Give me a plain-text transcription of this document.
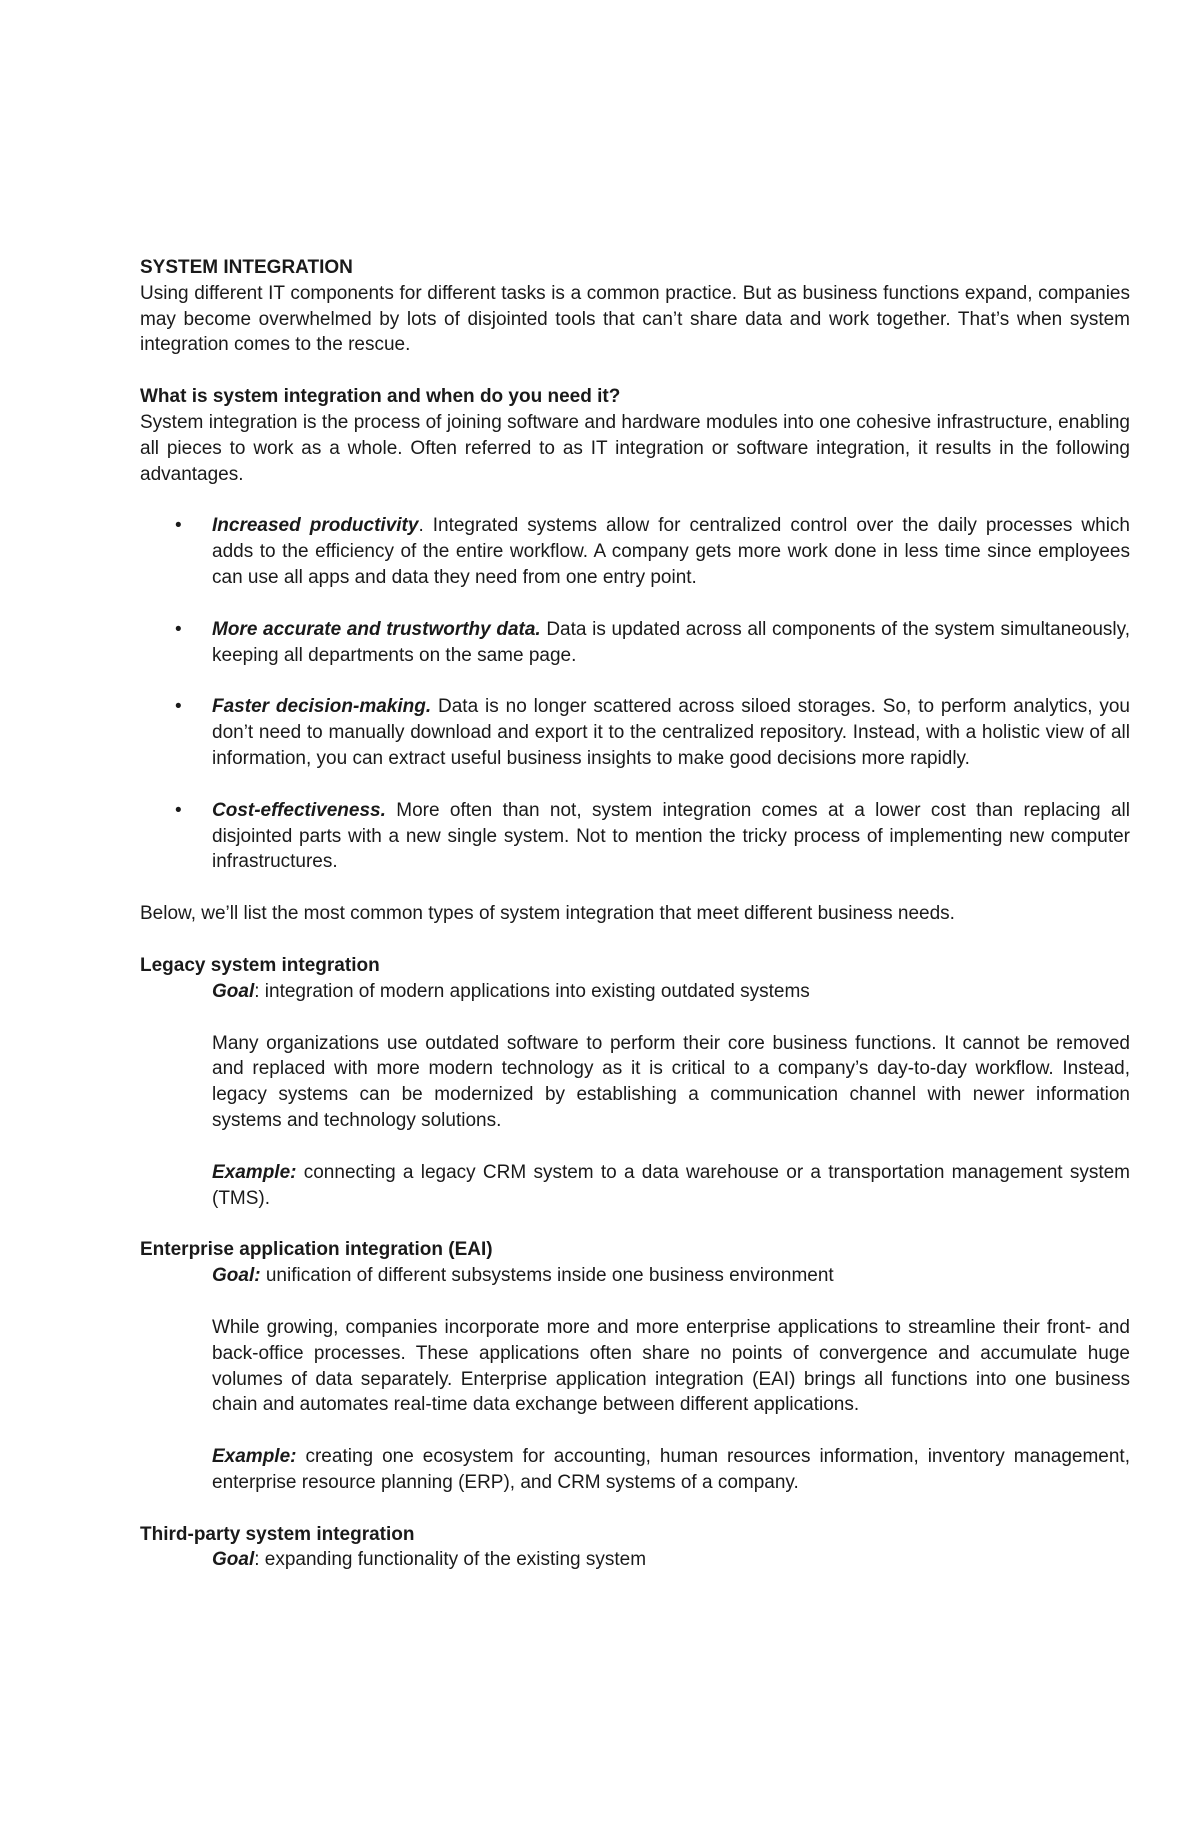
SYSTEM INTEGRATION

Using different IT components for different tasks is a common practice. But as business functions expand, companies may become overwhelmed by lots of disjointed tools that can’t share data and work together. That’s when system integration comes to the rescue.

What is system integration and when do you need it?

System integration is the process of joining software and hardware modules into one cohesive infrastructure, enabling all pieces to work as a whole. Often referred to as IT integration or software integration, it results in the following advantages.

• Increased productivity. Integrated systems allow for centralized control over the daily processes which adds to the efficiency of the entire workflow. A company gets more work done in less time since employees can use all apps and data they need from one entry point.
• More accurate and trustworthy data. Data is updated across all components of the system simultaneously, keeping all departments on the same page.
• Faster decision-making. Data is no longer scattered across siloed storages. So, to perform analytics, you don’t need to manually download and export it to the centralized repository. Instead, with a holistic view of all information, you can extract useful business insights to make good decisions more rapidly.
• Cost-effectiveness. More often than not, system integration comes at a lower cost than replacing all disjointed parts with a new single system. Not to mention the tricky process of implementing new computer infrastructures.

Below, we’ll list the most common types of system integration that meet different business needs.

Legacy system integration

Goal: integration of modern applications into existing outdated systems

Many organizations use outdated software to perform their core business functions. It cannot be removed and replaced with more modern technology as it is critical to a company’s day-to-day workflow. Instead, legacy systems can be modernized by establishing a communication channel with newer information systems and technology solutions.

Example: connecting a legacy CRM system to a data warehouse or a transportation management system (TMS).

Enterprise application integration (EAI)

Goal: unification of different subsystems inside one business environment

While growing, companies incorporate more and more enterprise applications to streamline their front- and back-office processes. These applications often share no points of convergence and accumulate huge volumes of data separately. Enterprise application integration (EAI) brings all functions into one business chain and automates real-time data exchange between different applications.

Example: creating one ecosystem for accounting, human resources information, inventory management, enterprise resource planning (ERP), and CRM systems of a company.

Third-party system integration

Goal: expanding functionality of the existing system
